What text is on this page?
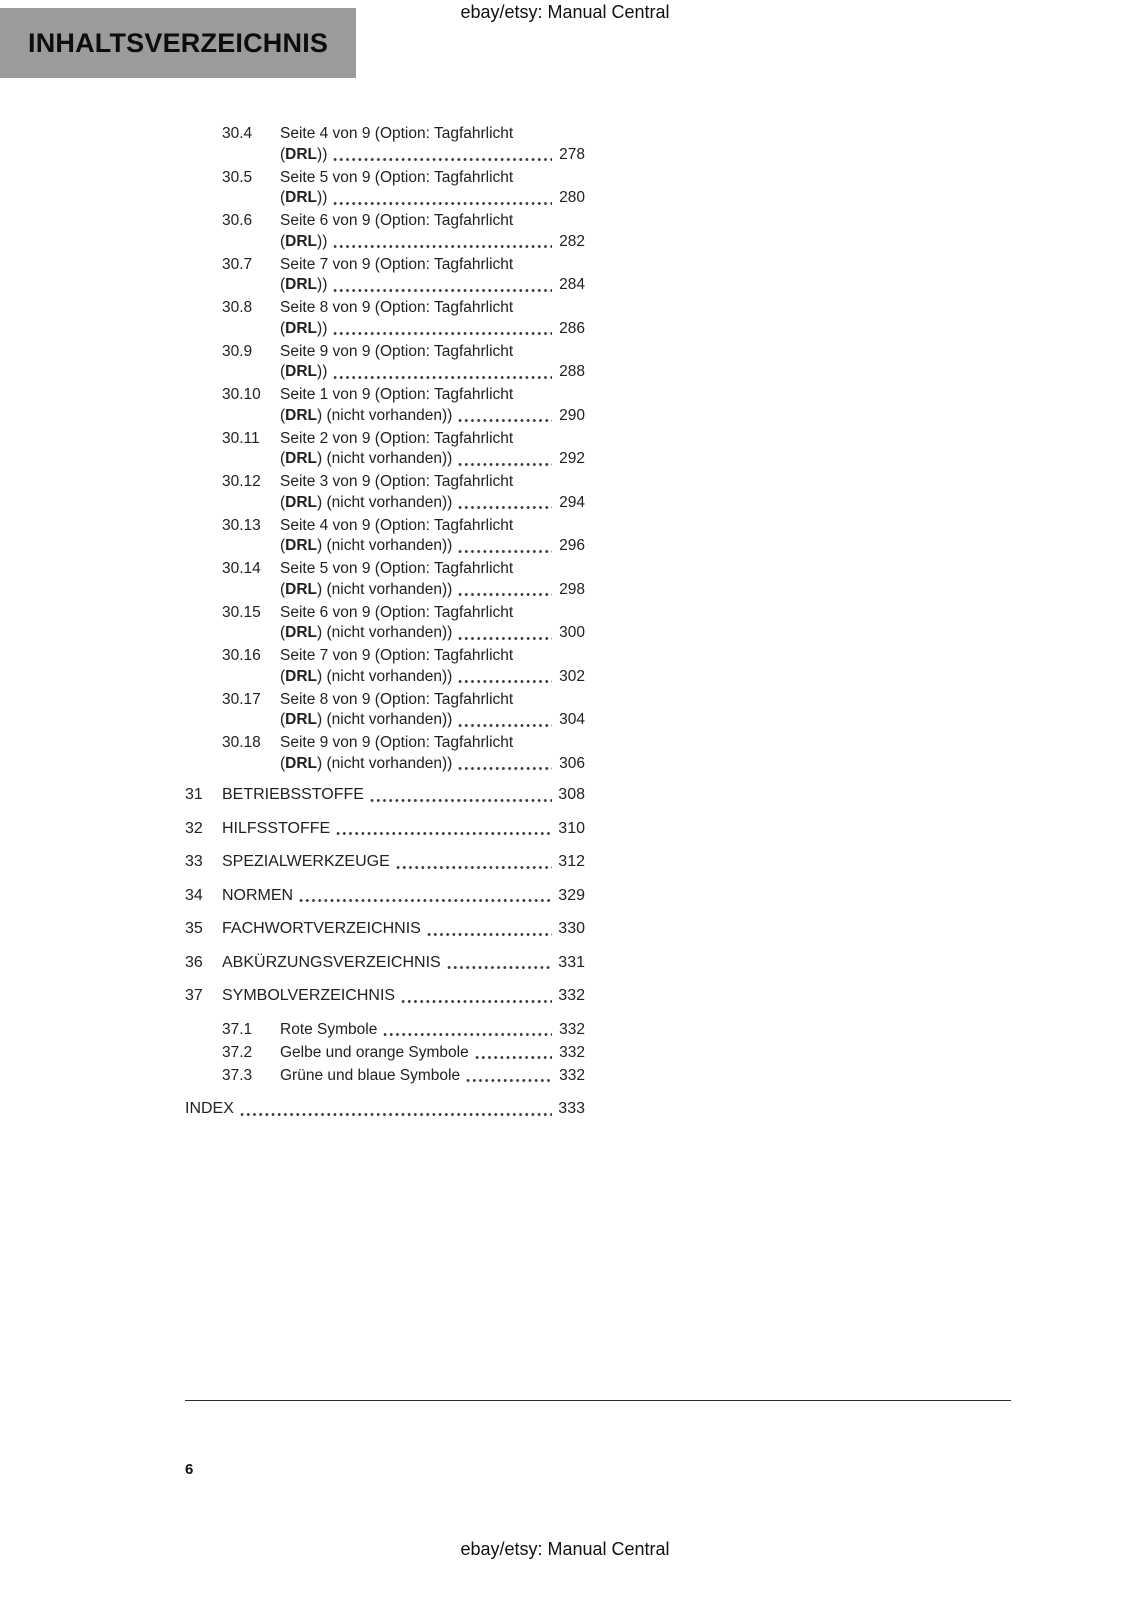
ebay/etsy: Manual Central
INHALTSVERZEICHNIS
30.4	Seite 4 von 9 (Option: Tagfahrlicht
(DRL))	278
30.5	Seite 5 von 9 (Option: Tagfahrlicht
(DRL))	280
30.6	Seite 6 von 9 (Option: Tagfahrlicht
(DRL))	282
30.7	Seite 7 von 9 (Option: Tagfahrlicht
(DRL))	284
30.8	Seite 8 von 9 (Option: Tagfahrlicht
(DRL))	286
30.9	Seite 9 von 9 (Option: Tagfahrlicht
(DRL))	288
30.10	Seite 1 von 9 (Option: Tagfahrlicht
(DRL) (nicht vorhanden))	290
30.11	Seite 2 von 9 (Option: Tagfahrlicht
(DRL) (nicht vorhanden))	292
30.12	Seite 3 von 9 (Option: Tagfahrlicht
(DRL) (nicht vorhanden))	294
30.13	Seite 4 von 9 (Option: Tagfahrlicht
(DRL) (nicht vorhanden))	296
30.14	Seite 5 von 9 (Option: Tagfahrlicht
(DRL) (nicht vorhanden))	298
30.15	Seite 6 von 9 (Option: Tagfahrlicht
(DRL) (nicht vorhanden))	300
30.16	Seite 7 von 9 (Option: Tagfahrlicht
(DRL) (nicht vorhanden))	302
30.17	Seite 8 von 9 (Option: Tagfahrlicht
(DRL) (nicht vorhanden))	304
30.18	Seite 9 von 9 (Option: Tagfahrlicht
(DRL) (nicht vorhanden))	306
31	BETRIEBSSTOFFE	308
32	HILFSSTOFFE	310
33	SPEZIALWERKZEUGE	312
34	NORMEN	329
35	FACHWORTVERZEICHNIS	330
36	ABKÜRZUNGSVERZEICHNIS	331
37	SYMBOLVERZEICHNIS	332
37.1	Rote Symbole	332
37.2	Gelbe und orange Symbole	332
37.3	Grüne und blaue Symbole	332
INDEX	333
6
ebay/etsy: Manual Central
